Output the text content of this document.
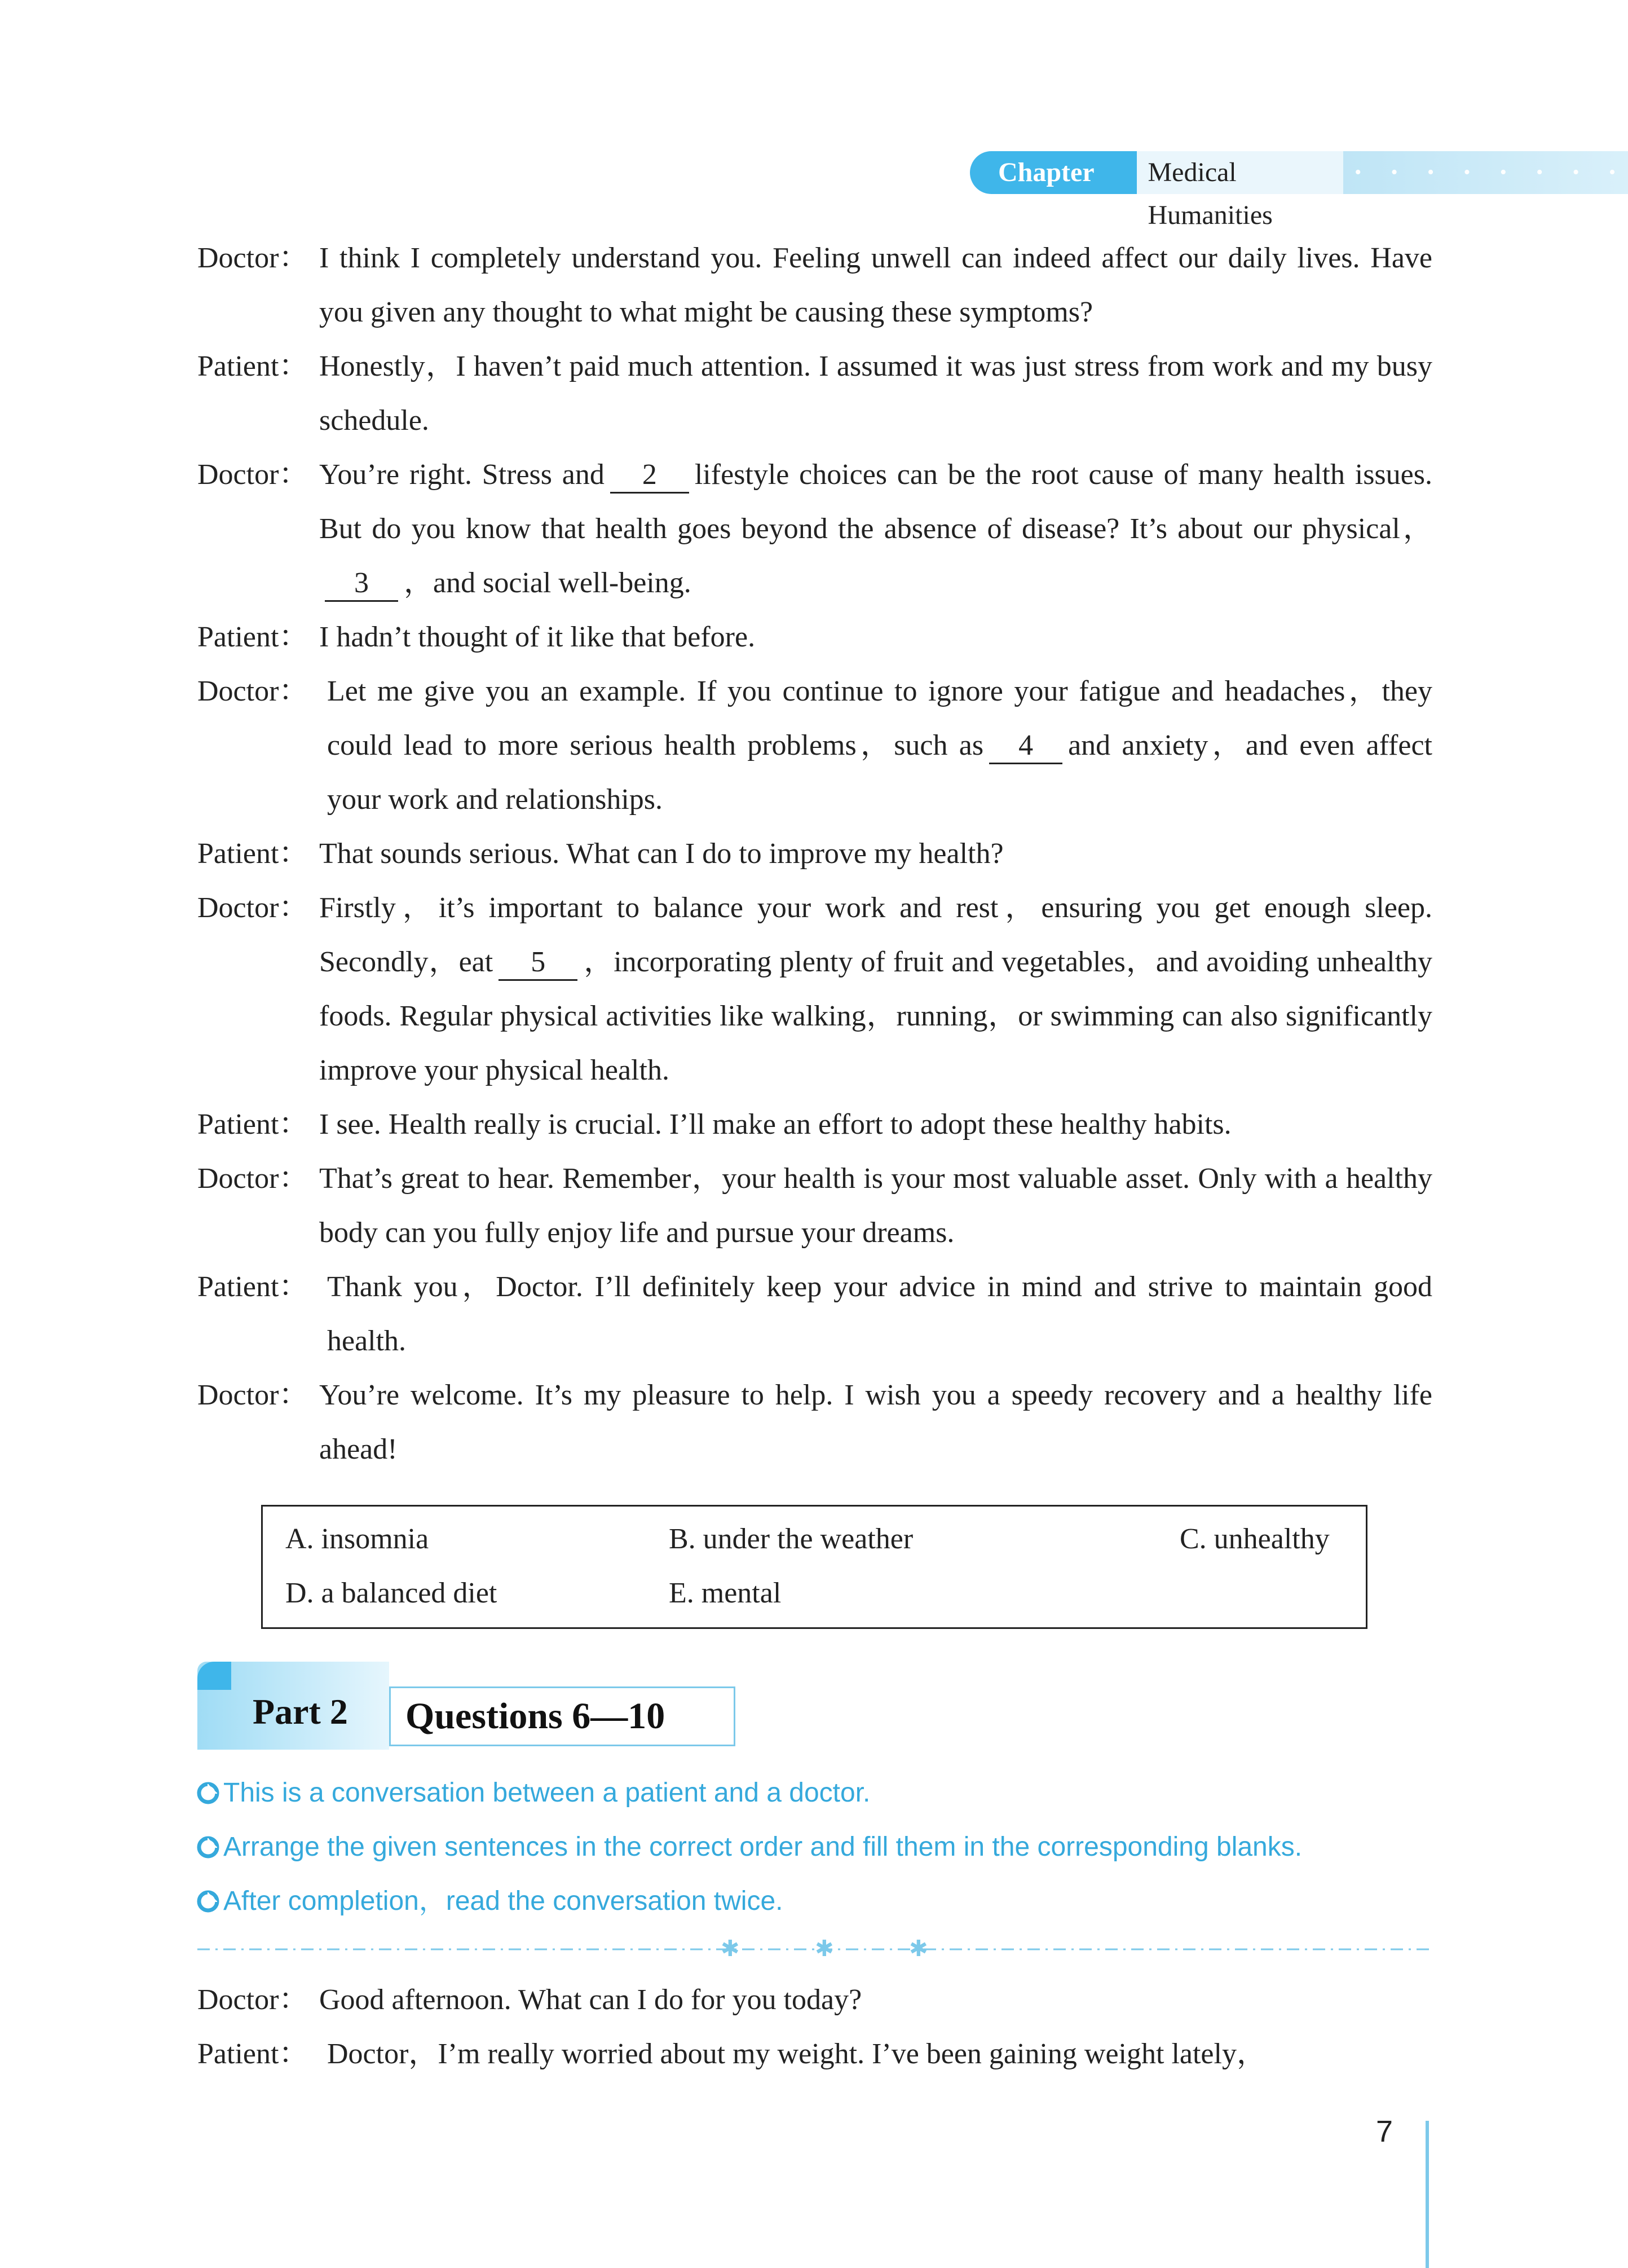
Chapter One
Medical Humanities
• • • • • • • •
Doctor： I think I completely understand you. Feeling unwell can indeed affect our daily lives. Have you given any thought to what might be causing these symptoms?
Patient： Honestly，I haven’t paid much attention. I assumed it was just stress from work and my busy schedule.
Doctor： You’re right. Stress and 2 lifestyle choices can be the root cause of many health issues. But do you know that health goes beyond the absence of disease? It’s about our physical，3 ，and social well-being.
Patient： I hadn’t thought of it like that before.
Doctor： Let me give you an example. If you continue to ignore your fatigue and headaches，they could lead to more serious health problems，such as 4 and anxiety，and even affect your work and relationships.
Patient： That sounds serious. What can I do to improve my health?
Doctor： Firstly，it’s important to balance your work and rest，ensuring you get enough sleep. Secondly，eat 5 ，incorporating plenty of fruit and vegetables，and avoiding unhealthy foods. Regular physical activities like walking，running，or swimming can also significantly improve your physical health.
Patient： I see. Health really is crucial. I’ll make an effort to adopt these healthy habits.
Doctor： That’s great to hear. Remember，your health is your most valuable asset. Only with a healthy body can you fully enjoy life and pursue your dreams.
Patient： Thank you，Doctor. I’ll definitely keep your advice in mind and strive to maintain good health.
Doctor： You’re welcome. It’s my pleasure to help. I wish you a speedy recovery and a healthy life ahead!
A. insomnia	B. under the weather	C. unhealthy
D. a balanced diet	E. mental
Part 2	Questions 6—10
This is a conversation between a patient and a doctor.
Arrange the given sentences in the correct order and fill them in the corresponding blanks.
After completion，read the conversation twice.
✱	✱	✱
Doctor： Good afternoon. What can I do for you today?
Patient： Doctor，I’m really worried about my weight. I’ve been gaining weight lately，
7
